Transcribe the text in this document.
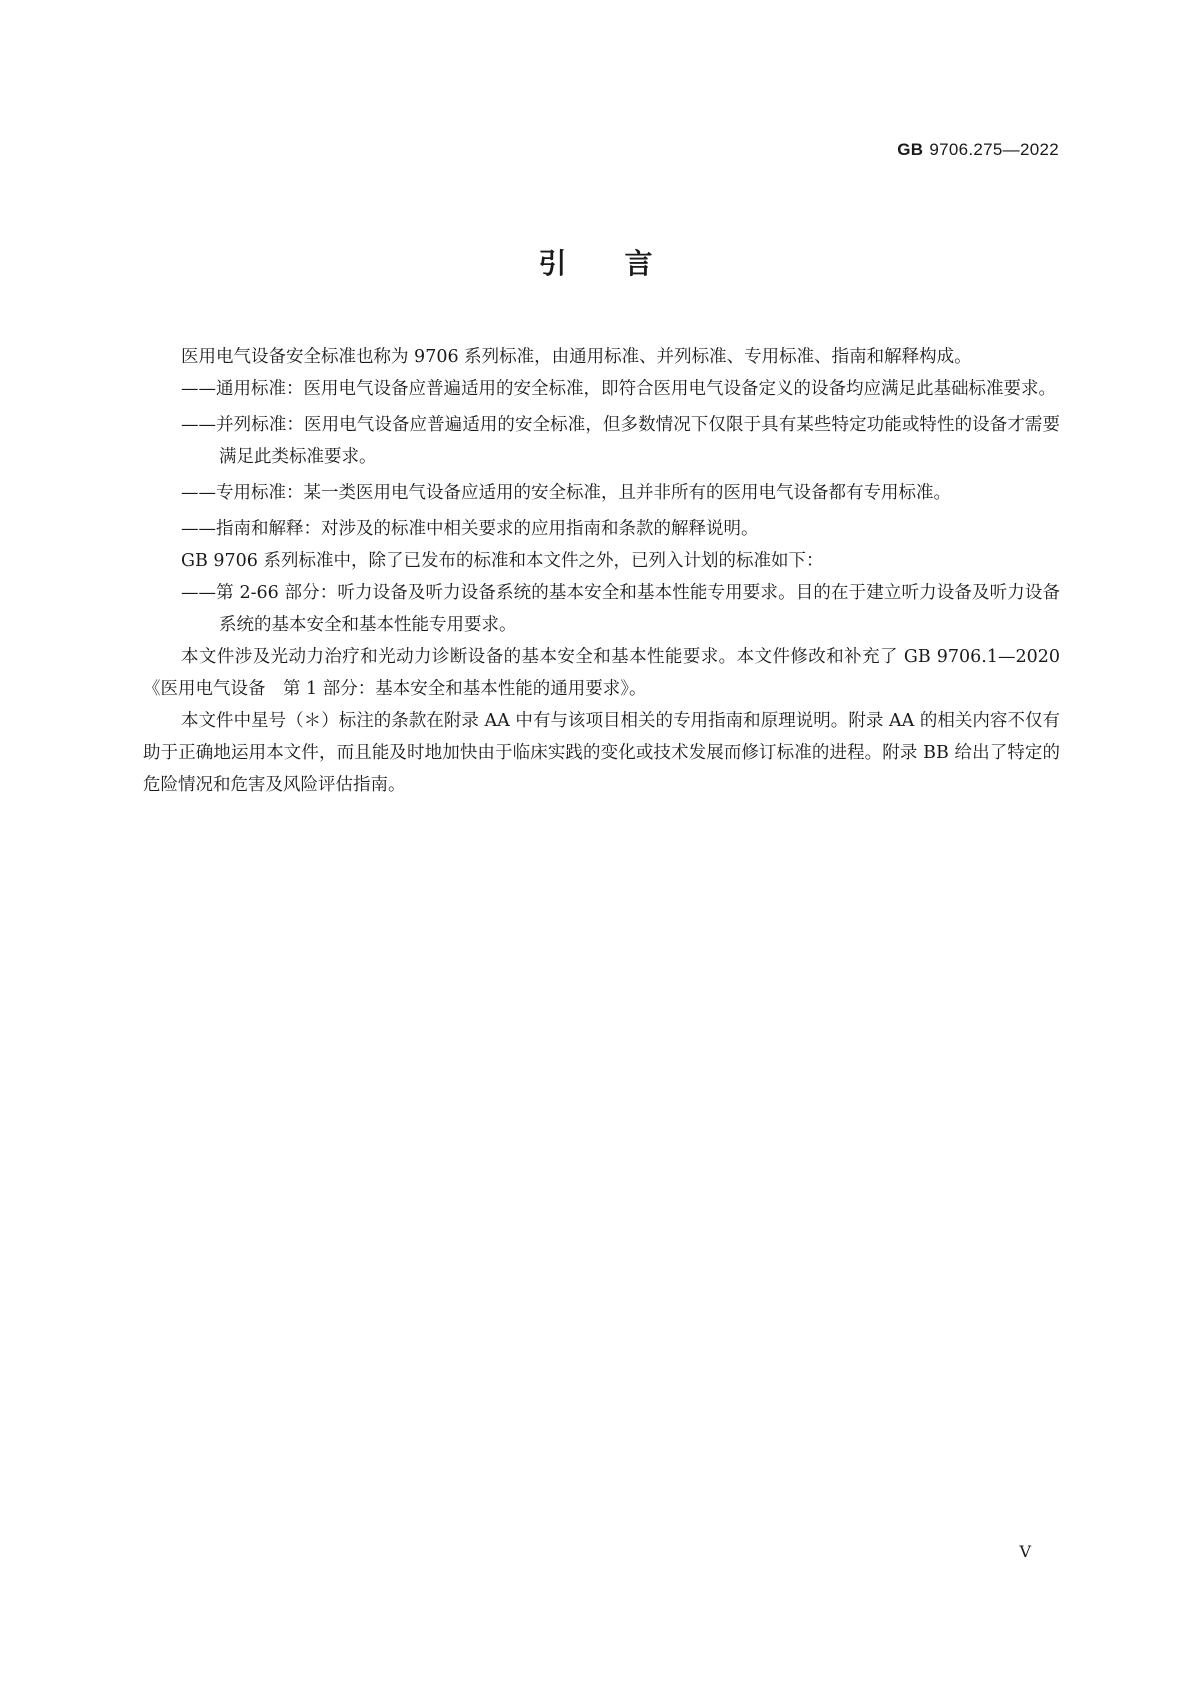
GB 9706.275—2022
引言

医用电气设备安全标准也称为 9706 系列标准，由通用标准、并列标准、专用标准、指南和解释构成。

——通用标准：医用电气设备应普遍适用的安全标准，即符合医用电气设备定义的设备均应满足此基础标准要求。

——并列标准：医用电气设备应普遍适用的安全标准，但多数情况下仅限于具有某些特定功能或特性的设备才需要满足此类标准要求。

——专用标准：某一类医用电气设备应适用的安全标准，且并非所有的医用电气设备都有专用标准。

——指南和解释：对涉及的标准中相关要求的应用指南和条款的解释说明。

GB 9706 系列标准中，除了已发布的标准和本文件之外，已列入计划的标准如下：

——第 2-66 部分：听力设备及听力设备系统的基本安全和基本性能专用要求。目的在于建立听力设备及听力设备系统的基本安全和基本性能专用要求。

本文件涉及光动力治疗和光动力诊断设备的基本安全和基本性能要求。本文件修改和补充了 GB 9706.1—2020《医用电气设备　第 1 部分：基本安全和基本性能的通用要求》。

本文件中星号（＊）标注的条款在附录 AA 中有与该项目相关的专用指南和原理说明。附录 AA 的相关内容不仅有助于正确地运用本文件，而且能及时地加快由于临床实践的变化或技术发展而修订标准的进程。附录 BB 给出了特定的危险情况和危害及风险评估指南。

V
